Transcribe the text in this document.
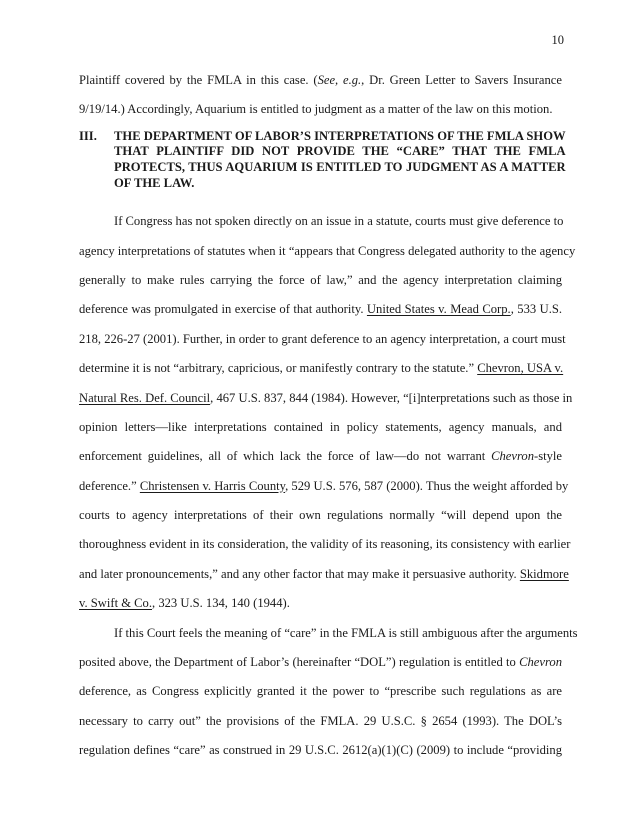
10
Plaintiff covered by the FMLA in this case. (See, e.g., Dr. Green Letter to Savers Insurance
9/19/14.) Accordingly, Aquarium is entitled to judgment as a matter of the law on this motion.
III.	THE DEPARTMENT OF LABOR’S INTERPRETATIONS OF THE FMLA SHOW
THAT PLAINTIFF DID NOT PROVIDE THE “CARE” THAT THE FMLA
PROTECTS, THUS AQUARIUM IS ENTITLED TO JUDGMENT AS A MATTER
OF THE LAW.
If Congress has not spoken directly on an issue in a statute, courts must give deference to
agency interpretations of statutes when it “appears that Congress delegated authority to the agency
generally to make rules carrying the force of law,” and the agency interpretation claiming
deference was promulgated in exercise of that authority. United States v. Mead Corp., 533 U.S.
218, 226-27 (2001). Further, in order to grant deference to an agency interpretation, a court must
determine it is not “arbitrary, capricious, or manifestly contrary to the statute.” Chevron, USA v.
Natural Res. Def. Council, 467 U.S. 837, 844 (1984). However, “[i]nterpretations such as those in
opinion letters—like interpretations contained in policy statements, agency manuals, and
enforcement guidelines, all of which lack the force of law—do not warrant Chevron-style
deference.” Christensen v. Harris County, 529 U.S. 576, 587 (2000). Thus the weight afforded by
courts to agency interpretations of their own regulations normally “will depend upon the
thoroughness evident in its consideration, the validity of its reasoning, its consistency with earlier
and later pronouncements,” and any other factor that may make it persuasive authority. Skidmore
v. Swift & Co., 323 U.S. 134, 140 (1944).
If this Court feels the meaning of “care” in the FMLA is still ambiguous after the arguments
posited above, the Department of Labor’s (hereinafter “DOL”) regulation is entitled to Chevron
deference, as Congress explicitly granted it the power to “prescribe such regulations as are
necessary to carry out” the provisions of the FMLA. 29 U.S.C. § 2654 (1993). The DOL’s
regulation defines “care” as construed in 29 U.S.C. 2612(a)(1)(C) (2009) to include “providing
